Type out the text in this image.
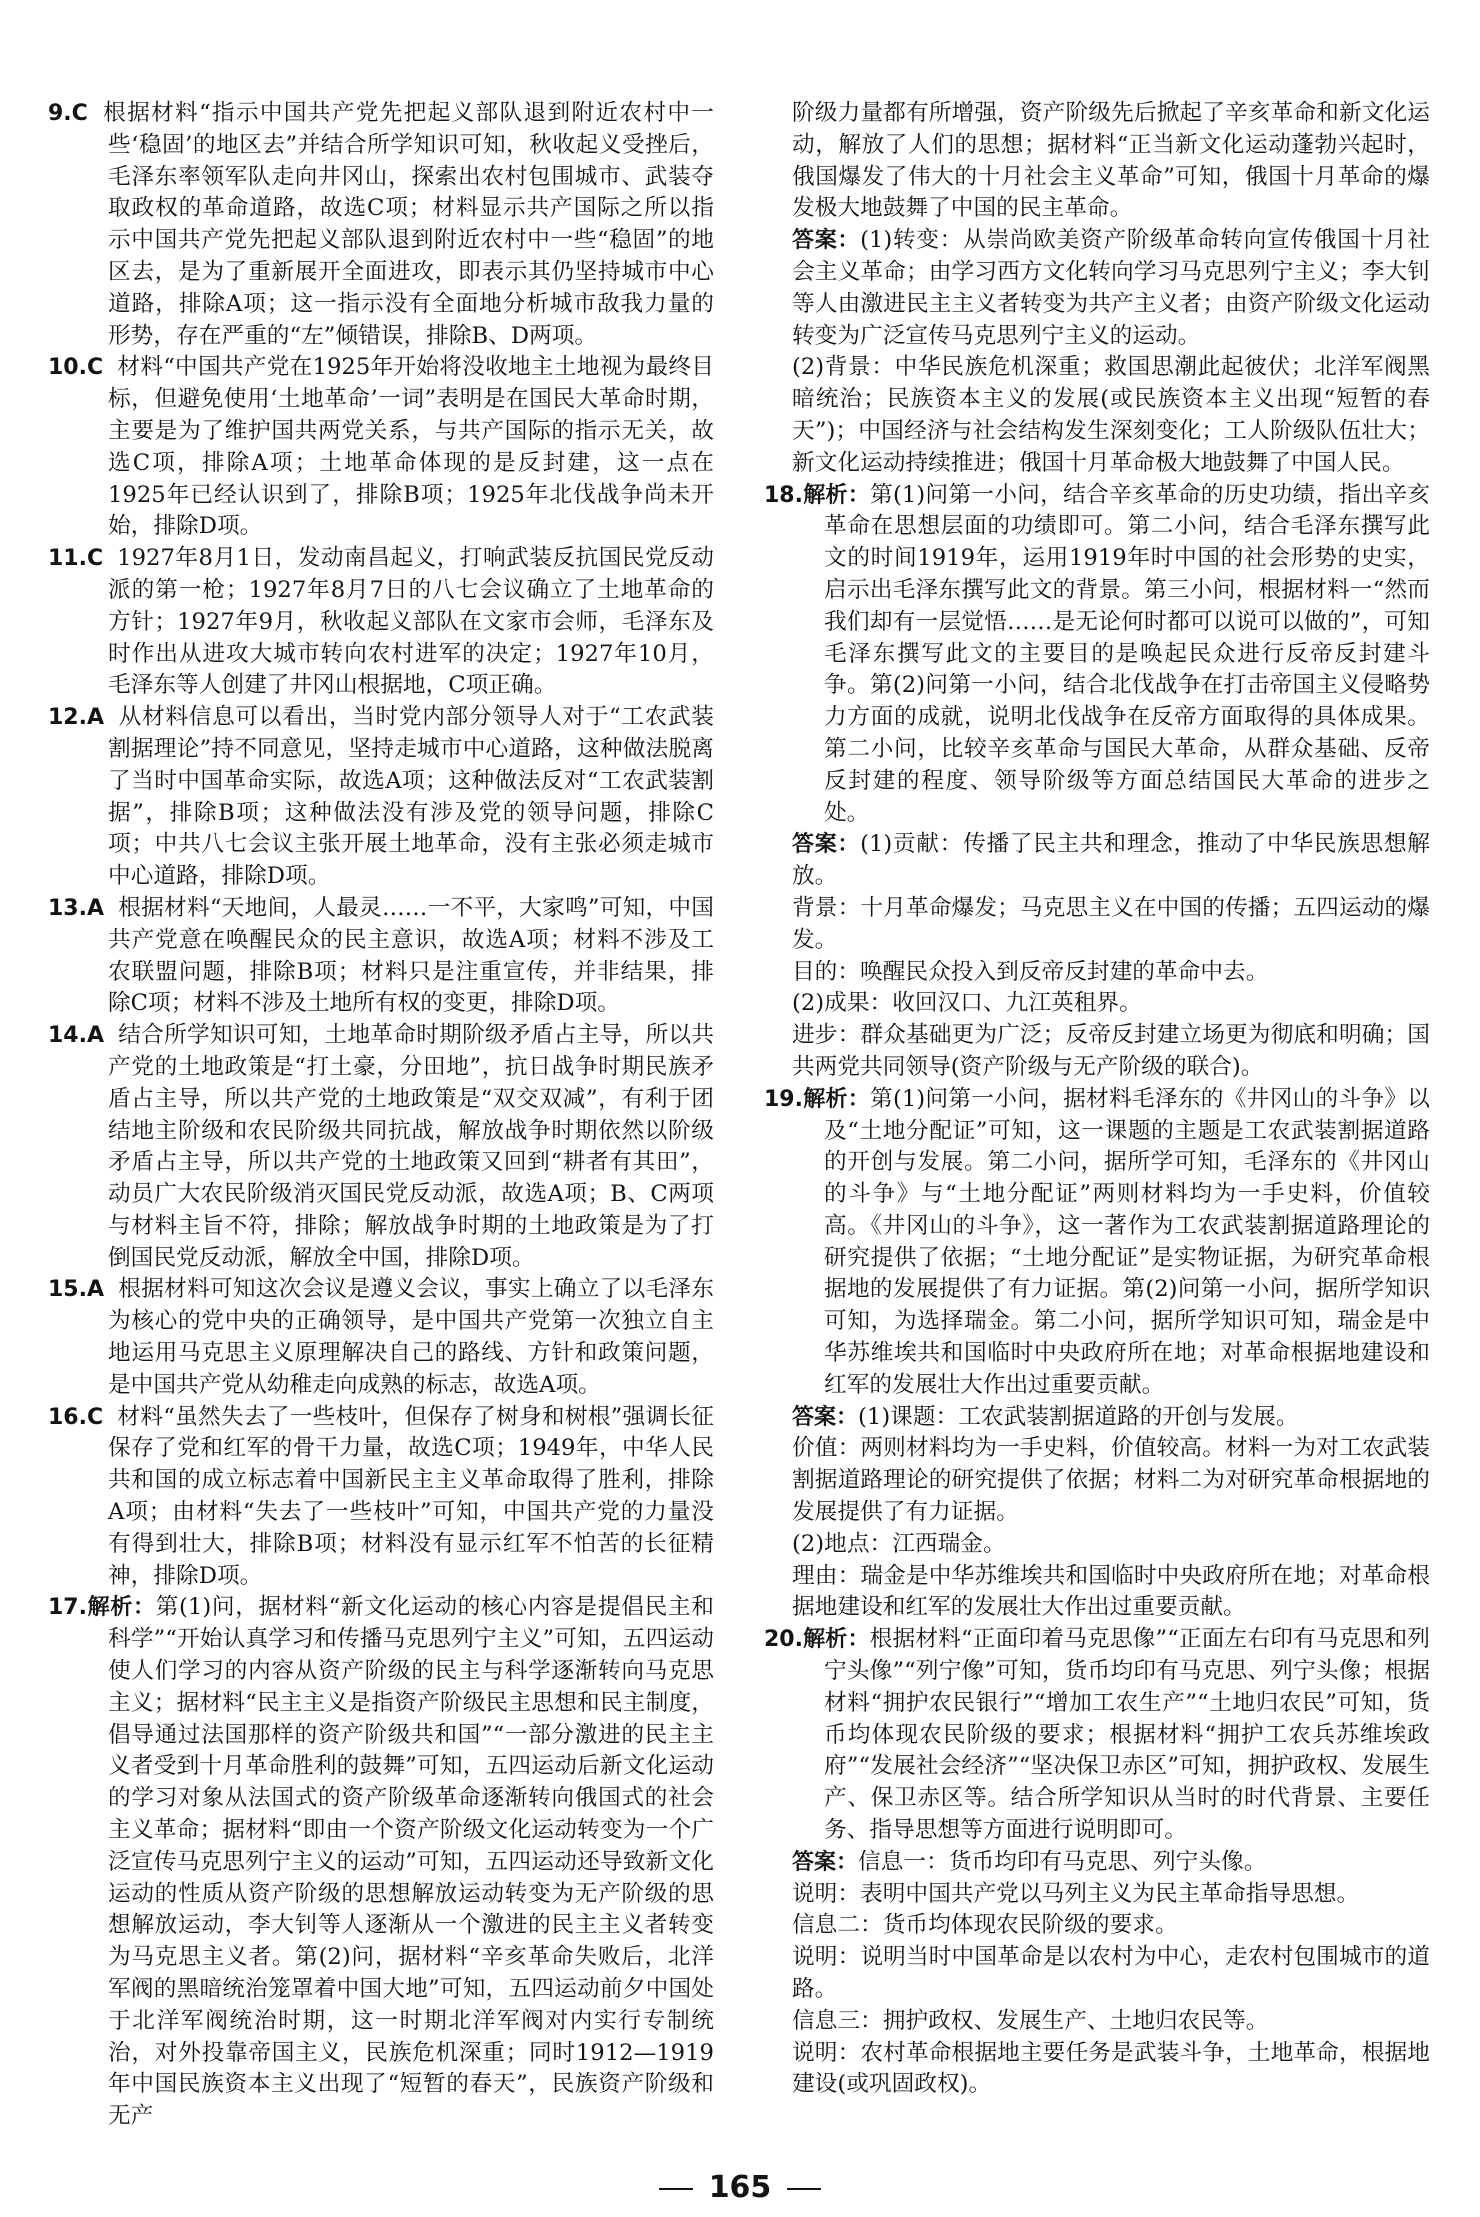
9.C 根据材料“指示中国共产党先把起义部队退到附近农村中一些‘稳固’的地区去”并结合所学知识可知，秋收起义受挫后，毛泽东率领军队走向井冈山，探索出农村包围城市、武装夺取政权的革命道路，故选C项；材料显示共产国际之所以指示中国共产党先把起义部队退到附近农村中一些“稳固”的地区去，是为了重新展开全面进攻，即表示其仍坚持城市中心道路，排除A项；这一指示没有全面地分析城市敌我力量的形势，存在严重的“左”倾错误，排除B、D两项。

10.C 材料“中国共产党在1925年开始将没收地主土地视为最终目标，但避免使用‘土地革命’一词”表明是在国民大革命时期，主要是为了维护国共两党关系，与共产国际的指示无关，故选C项，排除A项；土地革命体现的是反封建，这一点在1925年已经认识到了，排除B项；1925年北伐战争尚未开始，排除D项。

11.C 1927年8月1日，发动南昌起义，打响武装反抗国民党反动派的第一枪；1927年8月7日的八七会议确立了土地革命的方针；1927年9月，秋收起义部队在文家市会师，毛泽东及时作出从进攻大城市转向农村进军的决定；1927年10月，毛泽东等人创建了井冈山根据地，C项正确。

12.A 从材料信息可以看出，当时党内部分领导人对于“工农武装割据理论”持不同意见，坚持走城市中心道路，这种做法脱离了当时中国革命实际，故选A项；这种做法反对“工农武装割据”，排除B项；这种做法没有涉及党的领导问题，排除C项；中共八七会议主张开展土地革命，没有主张必须走城市中心道路，排除D项。

13.A 根据材料“天地间，人最灵……一不平，大家鸣”可知，中国共产党意在唤醒民众的民主意识，故选A项；材料不涉及工农联盟问题，排除B项；材料只是注重宣传，并非结果，排除C项；材料不涉及土地所有权的变更，排除D项。

14.A 结合所学知识可知，土地革命时期阶级矛盾占主导，所以共产党的土地政策是“打土豪，分田地”，抗日战争时期民族矛盾占主导，所以共产党的土地政策是“双交双减”，有利于团结地主阶级和农民阶级共同抗战，解放战争时期依然以阶级矛盾占主导，所以共产党的土地政策又回到“耕者有其田”，动员广大农民阶级消灭国民党反动派，故选A项；B、C两项与材料主旨不符，排除；解放战争时期的土地政策是为了打倒国民党反动派，解放全中国，排除D项。

15.A 根据材料可知这次会议是遵义会议，事实上确立了以毛泽东为核心的党中央的正确领导，是中国共产党第一次独立自主地运用马克思主义原理解决自己的路线、方针和政策问题，是中国共产党从幼稚走向成熟的标志，故选A项。

16.C 材料“虽然失去了一些枝叶，但保存了树身和树根”强调长征保存了党和红军的骨干力量，故选C项；1949年，中华人民共和国的成立标志着中国新民主主义革命取得了胜利，排除A项；由材料“失去了一些枝叶”可知，中国共产党的力量没有得到壮大，排除B项；材料没有显示红军不怕苦的长征精神，排除D项。

17.解析：第(1)问，据材料“新文化运动的核心内容是提倡民主和科学”“开始认真学习和传播马克思列宁主义”可知，五四运动使人们学习的内容从资产阶级的民主与科学逐渐转向马克思主义；据材料“民主主义是指资产阶级民主思想和民主制度，倡导通过法国那样的资产阶级共和国”“一部分激进的民主主义者受到十月革命胜利的鼓舞”可知，五四运动后新文化运动的学习对象从法国式的资产阶级革命逐渐转向俄国式的社会主义革命；据材料“即由一个资产阶级文化运动转变为一个广泛宣传马克思列宁主义的运动”可知，五四运动还导致新文化运动的性质从资产阶级的思想解放运动转变为无产阶级的思想解放运动，李大钊等人逐渐从一个激进的民主主义者转变为马克思主义者。第(2)问，据材料“辛亥革命失败后，北洋军阀的黑暗统治笼罩着中国大地”可知，五四运动前夕中国处于北洋军阀统治时期，这一时期北洋军阀对内实行专制统治，对外投靠帝国主义，民族危机深重；同时1912—1919年中国民族资本主义出现了“短暂的春天”，民族资产阶级和无产

阶级力量都有所增强，资产阶级先后掀起了辛亥革命和新文化运动，解放了人们的思想；据材料“正当新文化运动蓬勃兴起时，俄国爆发了伟大的十月社会主义革命”可知，俄国十月革命的爆发极大地鼓舞了中国的民主革命。

答案：(1)转变：从崇尚欧美资产阶级革命转向宣传俄国十月社会主义革命；由学习西方文化转向学习马克思列宁主义；李大钊等人由激进民主主义者转变为共产主义者；由资产阶级文化运动转变为广泛宣传马克思列宁主义的运动。

(2)背景：中华民族危机深重；救国思潮此起彼伏；北洋军阀黑暗统治；民族资本主义的发展(或民族资本主义出现“短暂的春天”)；中国经济与社会结构发生深刻变化；工人阶级队伍壮大；新文化运动持续推进；俄国十月革命极大地鼓舞了中国人民。

18.解析：第(1)问第一小问，结合辛亥革命的历史功绩，指出辛亥革命在思想层面的功绩即可。第二小问，结合毛泽东撰写此文的时间1919年，运用1919年时中国的社会形势的史实，启示出毛泽东撰写此文的背景。第三小问，根据材料一“然而我们却有一层觉悟……是无论何时都可以说可以做的”，可知毛泽东撰写此文的主要目的是唤起民众进行反帝反封建斗争。第(2)问第一小问，结合北伐战争在打击帝国主义侵略势力方面的成就，说明北伐战争在反帝方面取得的具体成果。第二小问，比较辛亥革命与国民大革命，从群众基础、反帝反封建的程度、领导阶级等方面总结国民大革命的进步之处。

答案：(1)贡献：传播了民主共和理念，推动了中华民族思想解放。

背景：十月革命爆发；马克思主义在中国的传播；五四运动的爆发。

目的：唤醒民众投入到反帝反封建的革命中去。

(2)成果：收回汉口、九江英租界。

进步：群众基础更为广泛；反帝反封建立场更为彻底和明确；国共两党共同领导(资产阶级与无产阶级的联合)。

19.解析：第(1)问第一小问，据材料毛泽东的《井冈山的斗争》以及“土地分配证”可知，这一课题的主题是工农武装割据道路的开创与发展。第二小问，据所学可知，毛泽东的《井冈山的斗争》与“土地分配证”两则材料均为一手史料，价值较高。《井冈山的斗争》，这一著作为工农武装割据道路理论的研究提供了依据；“土地分配证”是实物证据，为研究革命根据地的发展提供了有力证据。第(2)问第一小问，据所学知识可知，为选择瑞金。第二小问，据所学知识可知，瑞金是中华苏维埃共和国临时中央政府所在地；对革命根据地建设和红军的发展壮大作出过重要贡献。

答案：(1)课题：工农武装割据道路的开创与发展。

价值：两则材料均为一手史料，价值较高。材料一为对工农武装割据道路理论的研究提供了依据；材料二为对研究革命根据地的发展提供了有力证据。

(2)地点：江西瑞金。

理由：瑞金是中华苏维埃共和国临时中央政府所在地；对革命根据地建设和红军的发展壮大作出过重要贡献。

20.解析：根据材料“正面印着马克思像”“正面左右印有马克思和列宁头像”“列宁像”可知，货币均印有马克思、列宁头像；根据材料“拥护农民银行”“增加工农生产”“土地归农民”可知，货币均体现农民阶级的要求；根据材料“拥护工农兵苏维埃政府”“发展社会经济”“坚决保卫赤区”可知，拥护政权、发展生产、保卫赤区等。结合所学知识从当时的时代背景、主要任务、指导思想等方面进行说明即可。

答案：信息一：货币均印有马克思、列宁头像。

说明：表明中国共产党以马列主义为民主革命指导思想。

信息二：货币均体现农民阶级的要求。

说明：说明当时中国革命是以农村为中心，走农村包围城市的道路。

信息三：拥护政权、发展生产、土地归农民等。

说明：农村革命根据地主要任务是武装斗争，土地革命，根据地建设(或巩固政权)。

165
